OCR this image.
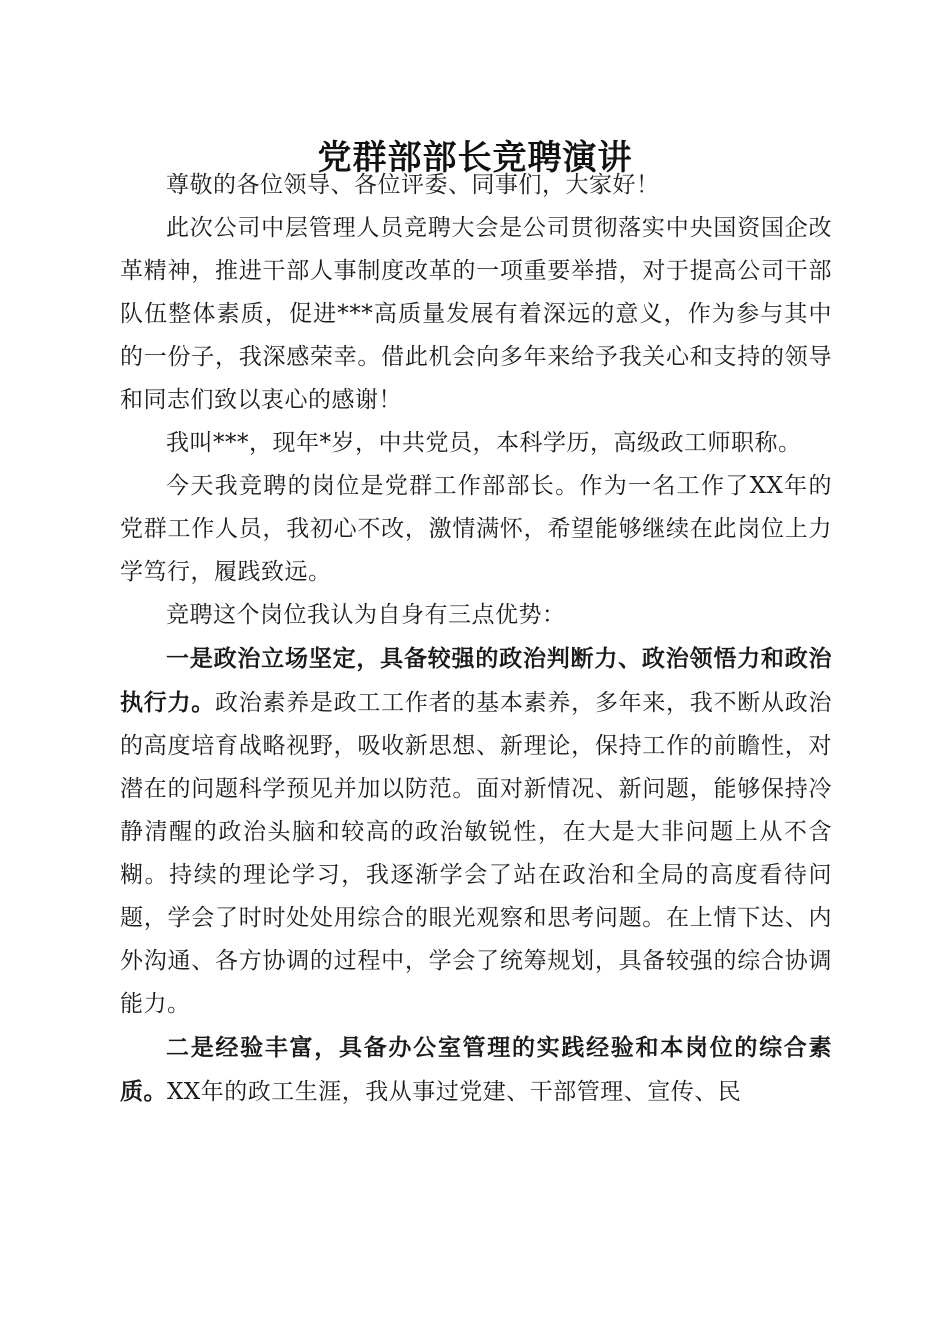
党群部部长竞聘演讲

尊敬的各位领导、各位评委、同事们，大家好！

此次公司中层管理人员竞聘大会是公司贯彻落实中央国资国企改革精神，推进干部人事制度改革的一项重要举措，对于提高公司干部队伍整体素质，促进***高质量发展有着深远的意义，作为参与其中的一份子，我深感荣幸。借此机会向多年来给予我关心和支持的领导和同志们致以衷心的感谢！

我叫***，现年*岁，中共党员，本科学历，高级政工师职称。

今天我竞聘的岗位是党群工作部部长。作为一名工作了XX年的党群工作人员，我初心不改，激情满怀，希望能够继续在此岗位上力学笃行，履践致远。

竞聘这个岗位我认为自身有三点优势：

一是政治立场坚定，具备较强的政治判断力、政治领悟力和政治执行力。政治素养是政工工作者的基本素养，多年来，我不断从政治的高度培育战略视野，吸收新思想、新理论，保持工作的前瞻性，对潜在的问题科学预见并加以防范。面对新情况、新问题，能够保持冷静清醒的政治头脑和较高的政治敏锐性，在大是大非问题上从不含糊。持续的理论学习，我逐渐学会了站在政治和全局的高度看待问题，学会了时时处处用综合的眼光观察和思考问题。在上情下达、内外沟通、各方协调的过程中，学会了统筹规划，具备较强的综合协调能力。

二是经验丰富，具备办公室管理的实践经验和本岗位的综合素质。XX年的政工生涯，我从事过党建、干部管理、宣传、民
